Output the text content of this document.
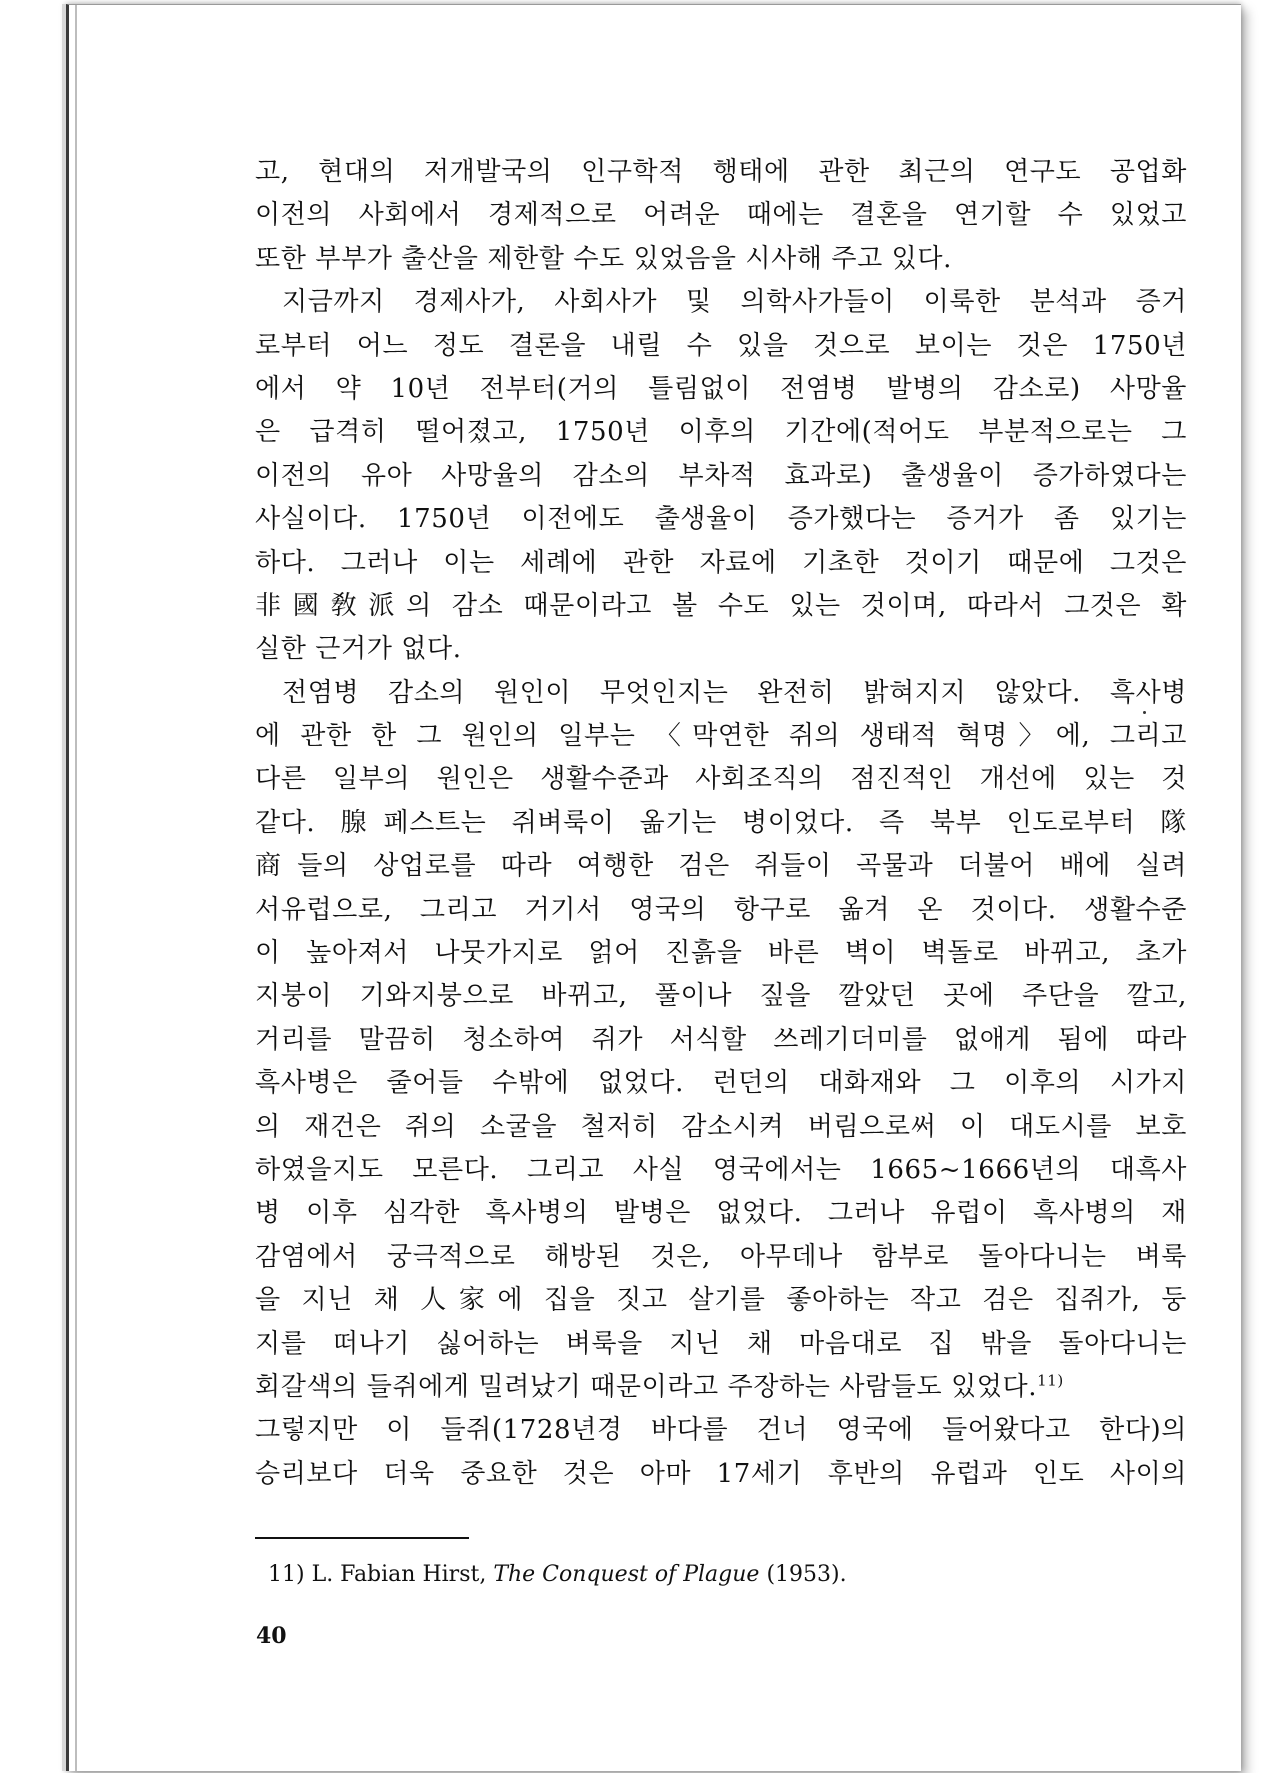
고, 현대의 저개발국의 인구학적 행태에 관한 최근의 연구도 공업화
이전의 사회에서 경제적으로 어려운 때에는 결혼을 연기할 수 있었고
또한 부부가 출산을 제한할 수도 있었음을 시사해 주고 있다.
지금까지 경제사가, 사회사가 및 의학사가들이 이룩한 분석과 증거
로부터 어느 정도 결론을 내릴 수 있을 것으로 보이는 것은 1750년
에서 약 10년 전부터(거의 틀림없이 전염병 발병의 감소로) 사망율
은 급격히 떨어졌고, 1750년 이후의 기간에(적어도 부분적으로는 그
이전의 유아 사망율의 감소의 부차적 효과로) 출생율이 증가하였다는
사실이다. 1750년 이전에도 출생율이 증가했다는 증거가 좀 있기는
하다. 그러나 이는 세례에 관한 자료에 기초한 것이기 때문에 그것은
非國敎派의 감소 때문이라고 볼 수도 있는 것이며, 따라서 그것은 확
실한 근거가 없다.
전염병 감소의 원인이 무엇인지는 완전히 밝혀지지 않았다. 흑사병
에 관한 한 그 원인의 일부는 〈막연한 쥐의 생태적 혁명〉에, 그리고
다른 일부의 원인은 생활수준과 사회조직의 점진적인 개선에 있는 것
같다. 腺페스트는 쥐벼룩이 옮기는 병이었다. 즉 북부 인도로부터 隊
商들의 상업로를 따라 여행한 검은 쥐들이 곡물과 더불어 배에 실려
서유럽으로, 그리고 거기서 영국의 항구로 옮겨 온 것이다. 생활수준
이 높아져서 나뭇가지로 얽어 진흙을 바른 벽이 벽돌로 바뀌고, 초가
지붕이 기와지붕으로 바뀌고, 풀이나 짚을 깔았던 곳에 주단을 깔고,
거리를 말끔히 청소하여 쥐가 서식할 쓰레기더미를 없애게 됨에 따라
흑사병은 줄어들 수밖에 없었다. 런던의 대화재와 그 이후의 시가지
의 재건은 쥐의 소굴을 철저히 감소시켜 버림으로써 이 대도시를 보호
하였을지도 모른다. 그리고 사실 영국에서는 1665~1666년의 대흑사
병 이후 심각한 흑사병의 발병은 없었다. 그러나 유럽이 흑사병의 재
감염에서 궁극적으로 해방된 것은, 아무데나 함부로 돌아다니는 벼룩
을 지닌 채 人家에 집을 짓고 살기를 좋아하는 작고 검은 집쥐가, 둥
지를 떠나기 싫어하는 벼룩을 지닌 채 마음대로 집 밖을 돌아다니는
회갈색의 들쥐에게 밀려났기 때문이라고 주장하는 사람들도 있었다.$^{11)}$
그렇지만 이 들쥐(1728년경 바다를 건너 영국에 들어왔다고 한다)의
승리보다 더욱 중요한 것은 아마 17세기 후반의 유럽과 인도 사이의
11) L. Fabian Hirst, The Conquest of Plague (1953).
40
